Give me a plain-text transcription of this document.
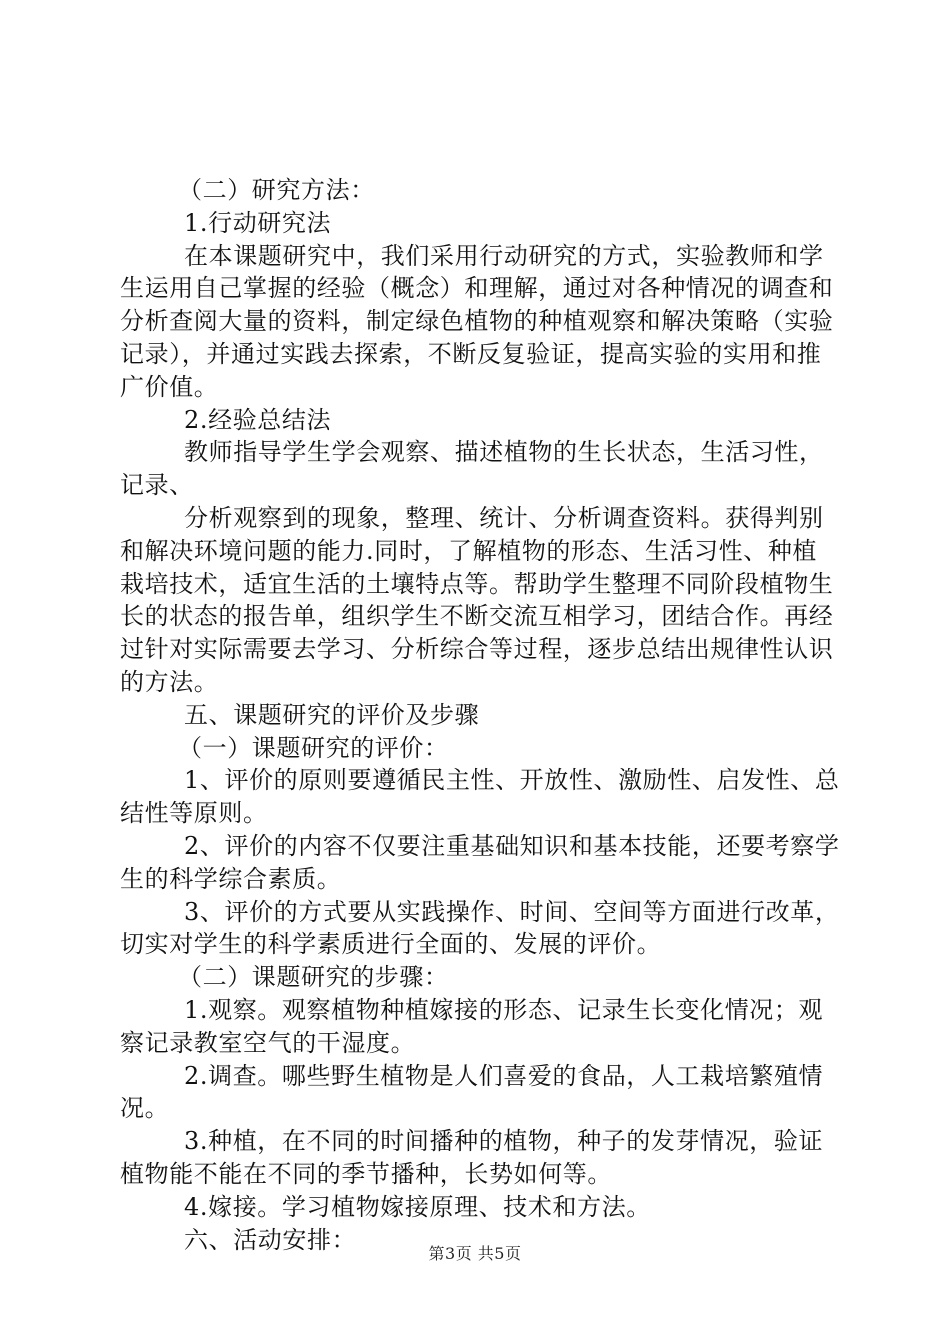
（二）研究方法：

1.行动研究法

在本课题研究中，我们采用行动研究的方式，实验教师和学生运用自己掌握的经验（概念）和理解，通过对各种情况的调查和分析查阅大量的资料，制定绿色植物的种植观察和解决策略（实验记录），并通过实践去探索，不断反复验证，提高实验的实用和推广价值。

2.经验总结法

教师指导学生学会观察、描述植物的生长状态，生活习性，记录、

分析观察到的现象，整理、统计、分析调查资料。获得判别和解决环境问题的能力.同时，了解植物的形态、生活习性、种植栽培技术，适宜生活的土壤特点等。帮助学生整理不同阶段植物生长的状态的报告单，组织学生不断交流互相学习，团结合作。再经过针对实际需要去学习、分析综合等过程，逐步总结出规律性认识的方法。

五、课题研究的评价及步骤

（一）课题研究的评价：

1、评价的原则要遵循民主性、开放性、激励性、启发性、总结性等原则。

2、评价的内容不仅要注重基础知识和基本技能，还要考察学生的科学综合素质。

3、评价的方式要从实践操作、时间、空间等方面进行改革，切实对学生的科学素质进行全面的、发展的评价。

（二）课题研究的步骤：

1.观察。观察植物种植嫁接的形态、记录生长变化情况；观察记录教室空气的干湿度。

2.调查。哪些野生植物是人们喜爱的食品，人工栽培繁殖情况。

3.种植，在不同的时间播种的植物，种子的发芽情况，验证植物能不能在不同的季节播种，长势如何等。

4.嫁接。学习植物嫁接原理、技术和方法。

六、活动安排：	第3页 共5页
